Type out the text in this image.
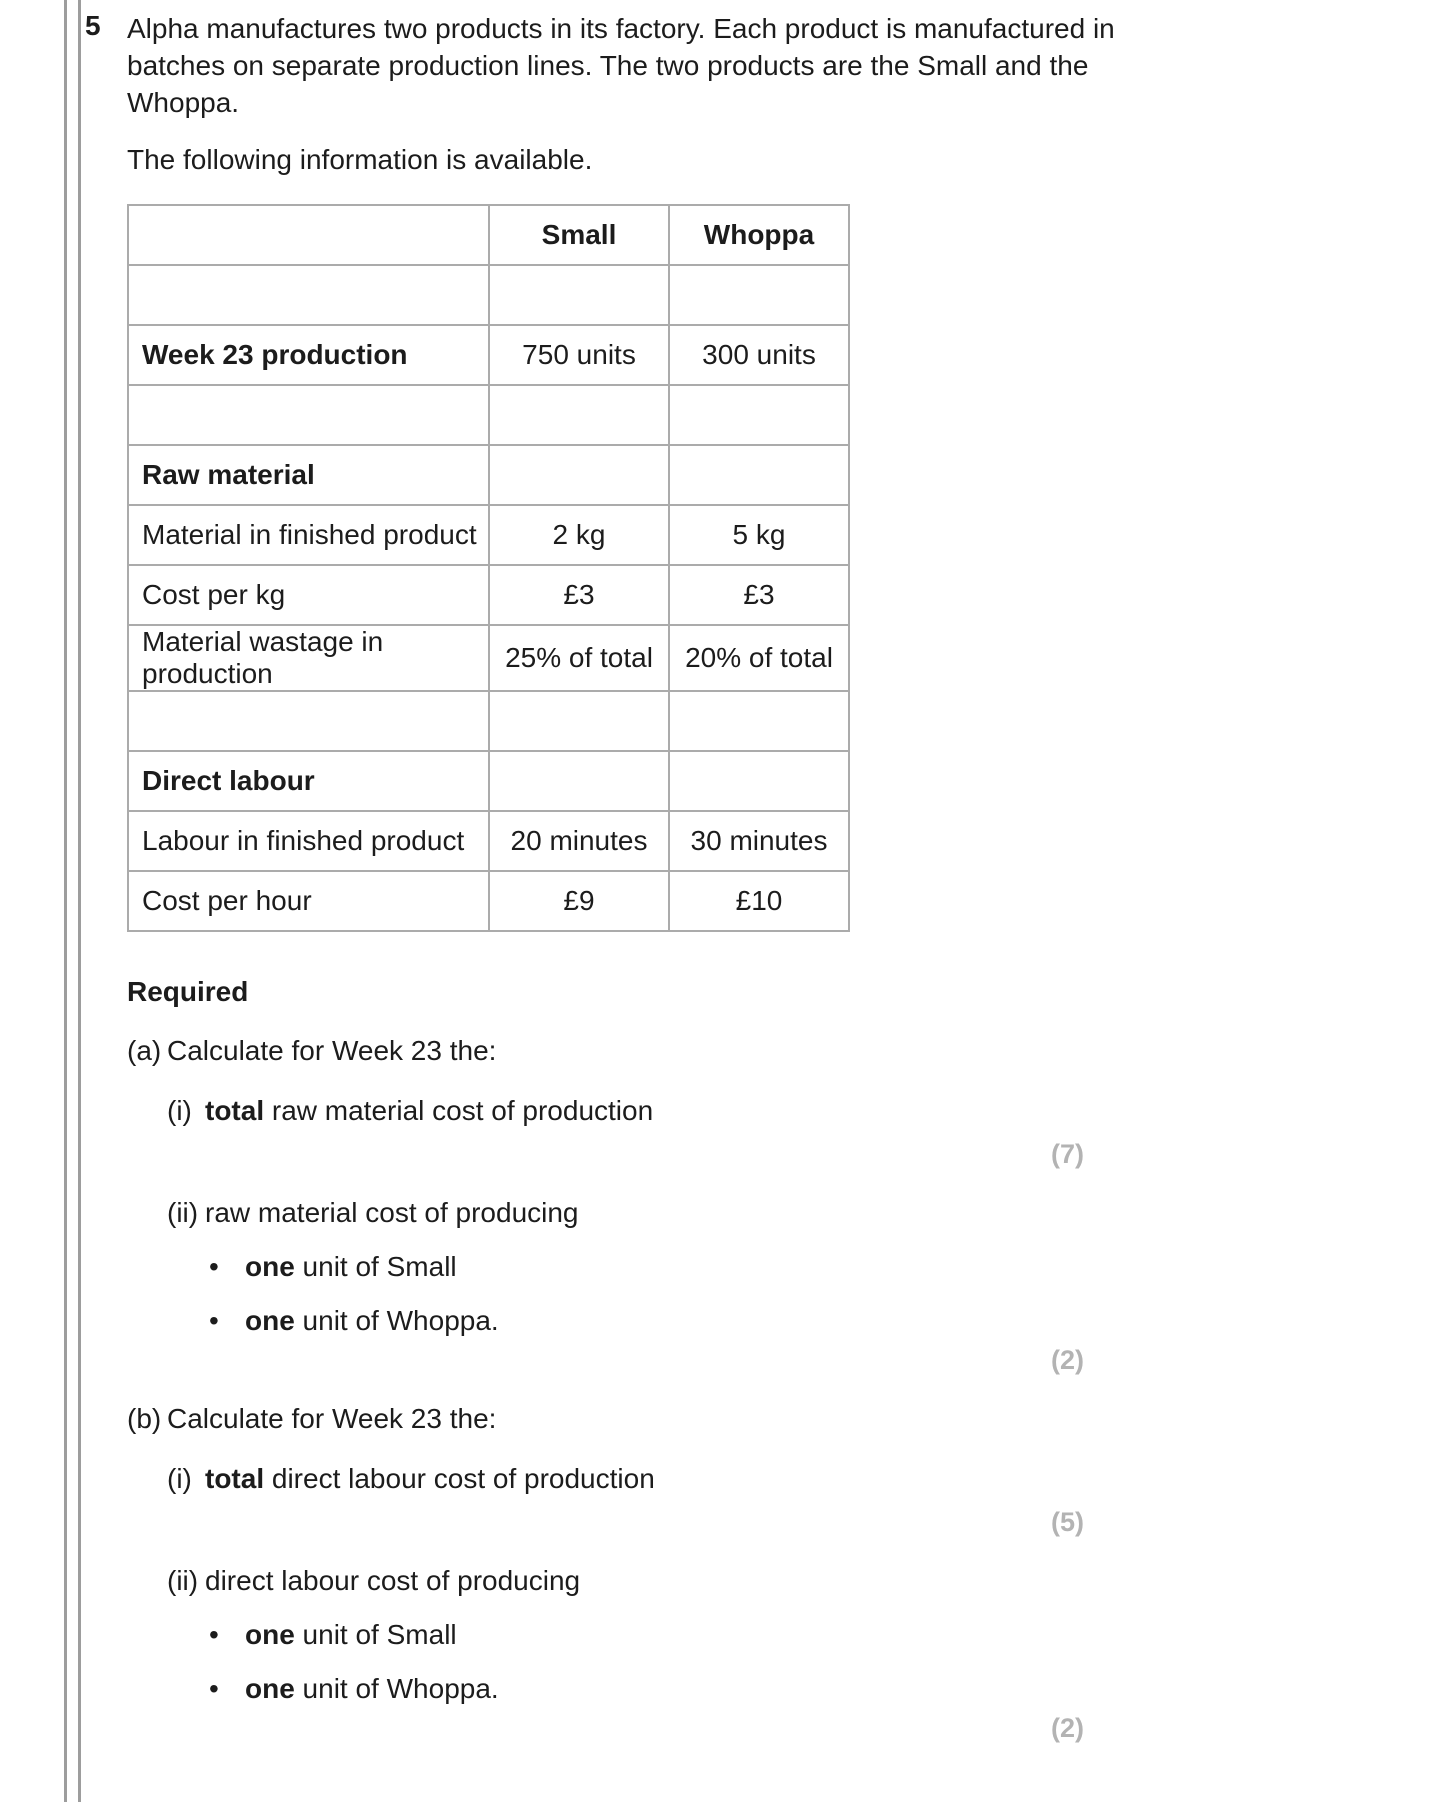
5 Alpha manufactures two products in its factory. Each product is manufactured in batches on separate production lines. The two products are the Small and the Whoppa.

The following information is available.

	Small	Whoppa

Week 23 production	750 units	300 units

Raw material		
Material in finished product	2 kg	5 kg
Cost per kg	£3	£3
Material wastage in production	25% of total	20% of total

Direct labour		
Labour in finished product	20 minutes	30 minutes
Cost per hour	£9	£10
Required
(a) Calculate for Week 23 the:
(i) total raw material cost of production
(7)
(ii) raw material cost of producing
• one unit of Small
• one unit of Whoppa.
(2)
(b) Calculate for Week 23 the:
(i) total direct labour cost of production
(5)
(ii) direct labour cost of producing
• one unit of Small
• one unit of Whoppa.
(2)
